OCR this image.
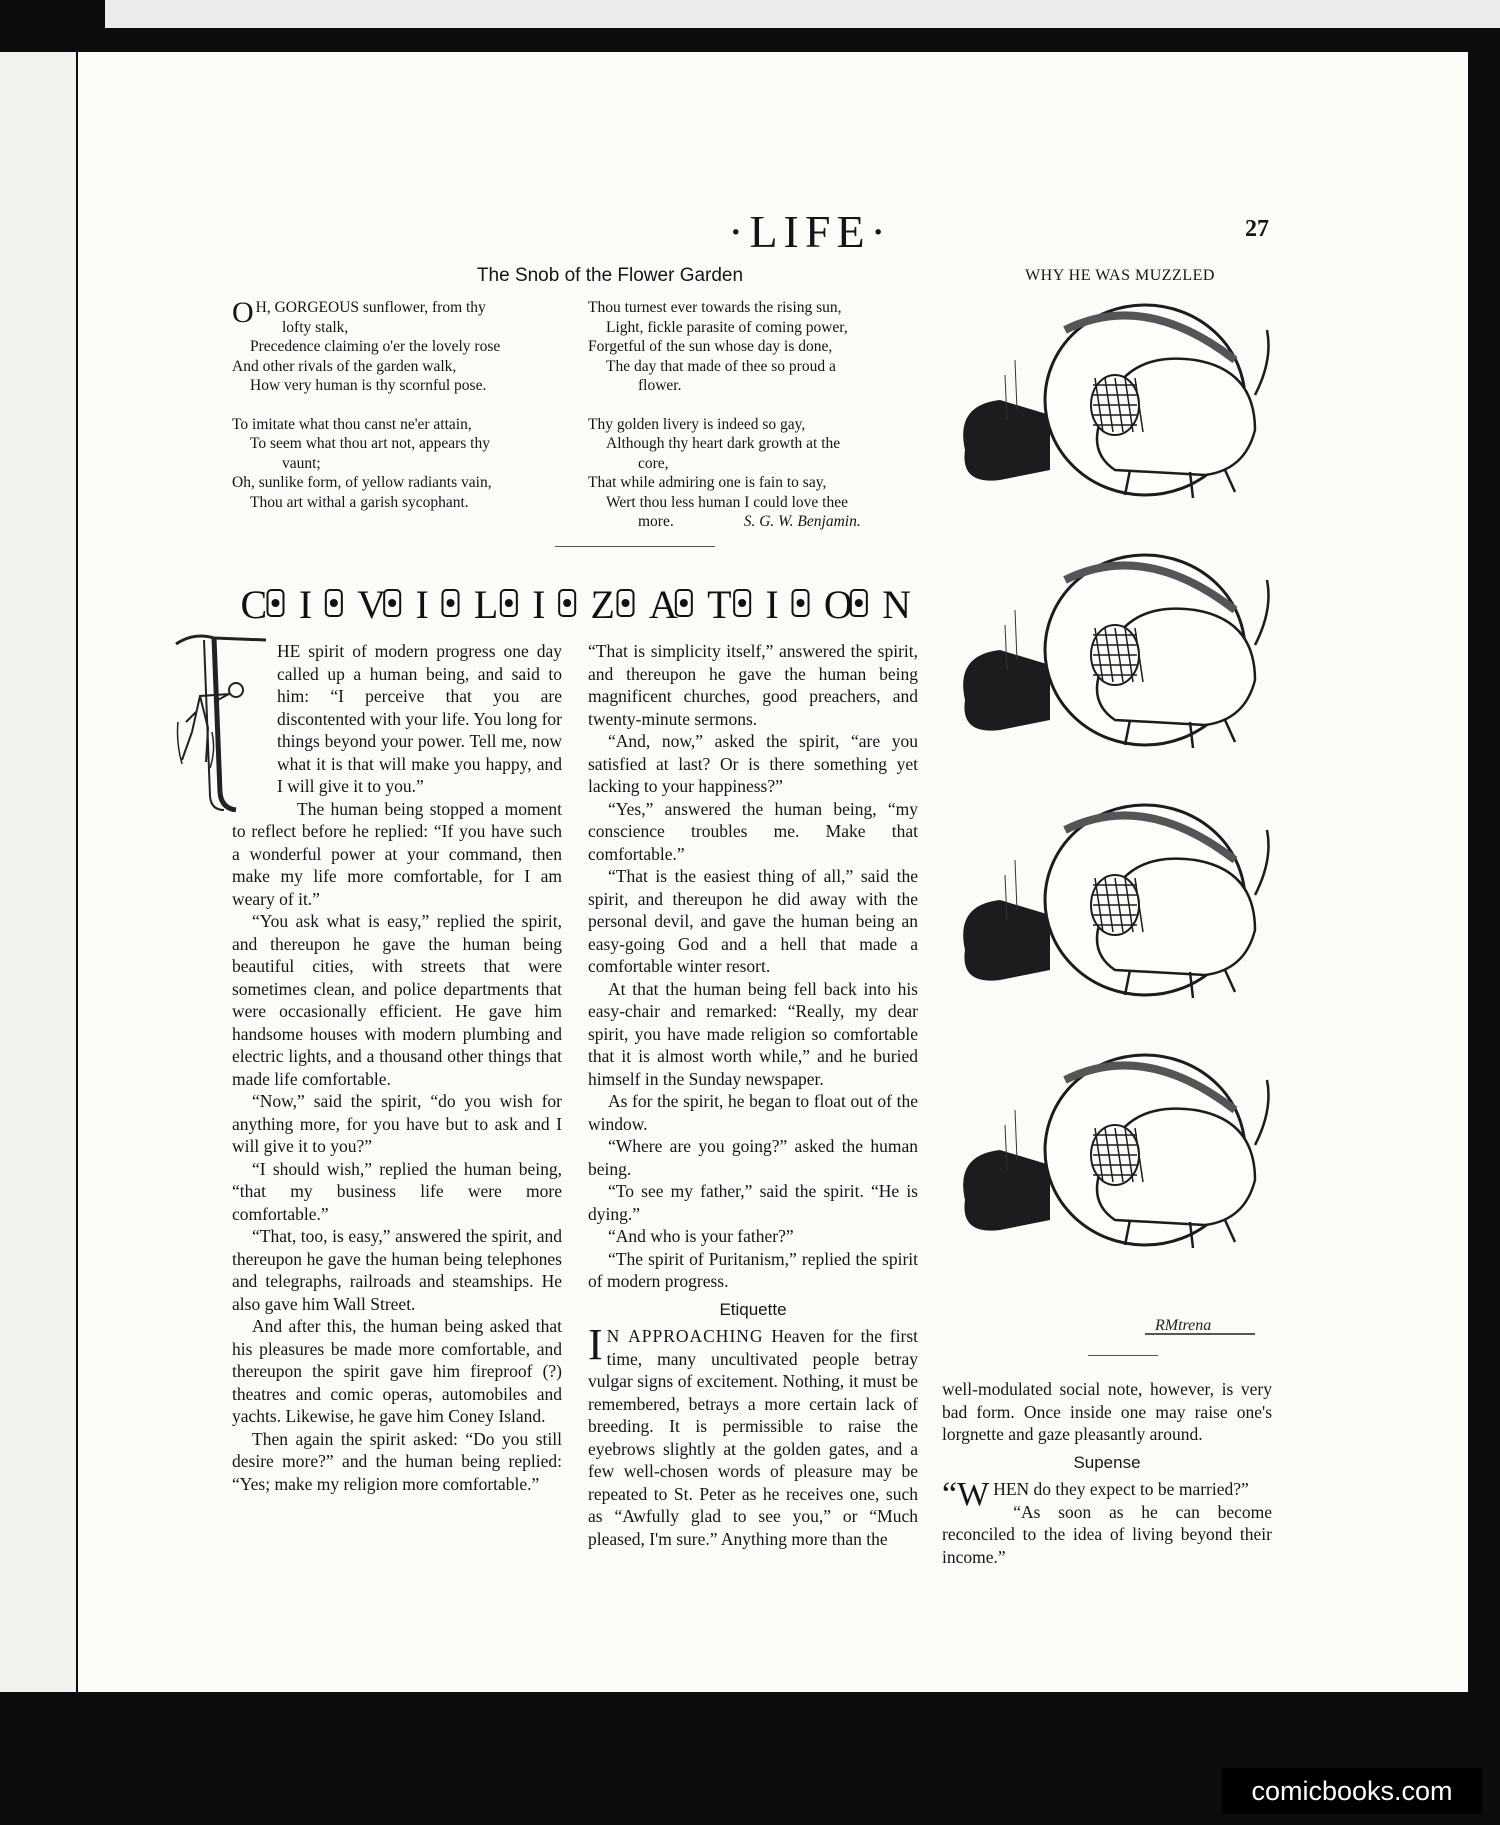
·LIFE·	27
The Snob of the Flower Garden	WHY HE WAS MUZZLED
O H, GORGEOUS sunflower, from thy
lofty stalk,
Precedence claiming o'er the lovely rose
And other rivals of the garden walk,
How very human is thy scornful pose.
To imitate what thou canst ne'er attain,
To seem what thou art not, appears thy
vaunt;
Oh, sunlike form, of yellow radiants vain,
Thou art withal a garish sycophant.
Thou turnest ever towards the rising sun,
Light, fickle parasite of coming power,
Forgetful of the sun whose day is done,
The day that made of thee so proud a
flower.
Thy golden livery is indeed so gay,
Although thy heart dark growth at the
core,
That while admiring one is fain to say,
Wert thou less human I could love thee
more.	S. G. W. Benjamin.
C I V I L I Z A T I O N

HE spirit of modern progress one day called up a human being, and said to him: “I perceive that you are discontented with your life. You long for things beyond your power. Tell me, now what it is that will make you happy, and I will give it to you.”

The human being stopped a moment to reflect before he replied: “If you have such a wonderful power at your command, then make my life more comfortable, for I am weary of it.”

“You ask what is easy,” replied the spirit, and thereupon he gave the human being beautiful cities, with streets that were sometimes clean, and police departments that were occasionally efficient. He gave him handsome houses with modern plumbing and electric lights, and a thousand other things that made life comfortable.

“Now,” said the spirit, “do you wish for anything more, for you have but to ask and I will give it to you?”

“I should wish,” replied the human being, “that my business life were more comfortable.”

“That, too, is easy,” answered the spirit, and thereupon he gave the human being telephones and telegraphs, railroads and steamships. He also gave him Wall Street.

And after this, the human being asked that his pleasures be made more comfortable, and thereupon the spirit gave him fireproof (?) theatres and comic operas, automobiles and yachts. Likewise, he gave him Coney Island.

Then again the spirit asked: “Do you still desire more?” and the human being replied: “Yes; make my religion more comfortable.”

“That is simplicity itself,” answered the spirit, and thereupon he gave the human being magnificent churches, good preachers, and twenty-minute sermons.

“And, now,” asked the spirit, “are you satisfied at last? Or is there something yet lacking to your happiness?”

“Yes,” answered the human being, “my conscience troubles me. Make that comfortable.”

“That is the easiest thing of all,” said the spirit, and thereupon he did away with the personal devil, and gave the human being an easy-going God and a hell that made a comfortable winter resort.

At that the human being fell back into his easy-chair and remarked: “Really, my dear spirit, you have made religion so comfortable that it is almost worth while,” and he buried himself in the Sunday newspaper.

As for the spirit, he began to float out of the window.

“Where are you going?” asked the human being.

“To see my father,” said the spirit. “He is dying.”

“And who is your father?”

“The spirit of Puritanism,” replied the spirit of modern progress.

Etiquette

I N APPROACHING Heaven for the first time, many uncultivated people betray vulgar signs of excitement. Nothing, it must be remembered, betrays a more certain lack of breeding. It is permissible to raise the eyebrows slightly at the golden gates, and a few well-chosen words of pleasure may be repeated to St. Peter as he receives one, such as “Awfully glad to see you,” or “Much pleased, I'm sure.” Anything more than the

well-modulated social note, however, is very bad form. Once inside one may raise one's lorgnette and gaze pleasantly around.

Supense

“WHEN do they expect to be married?”

“As soon as he can become reconciled to the idea of living beyond their income.”

RMtrena
comicbooks.com
